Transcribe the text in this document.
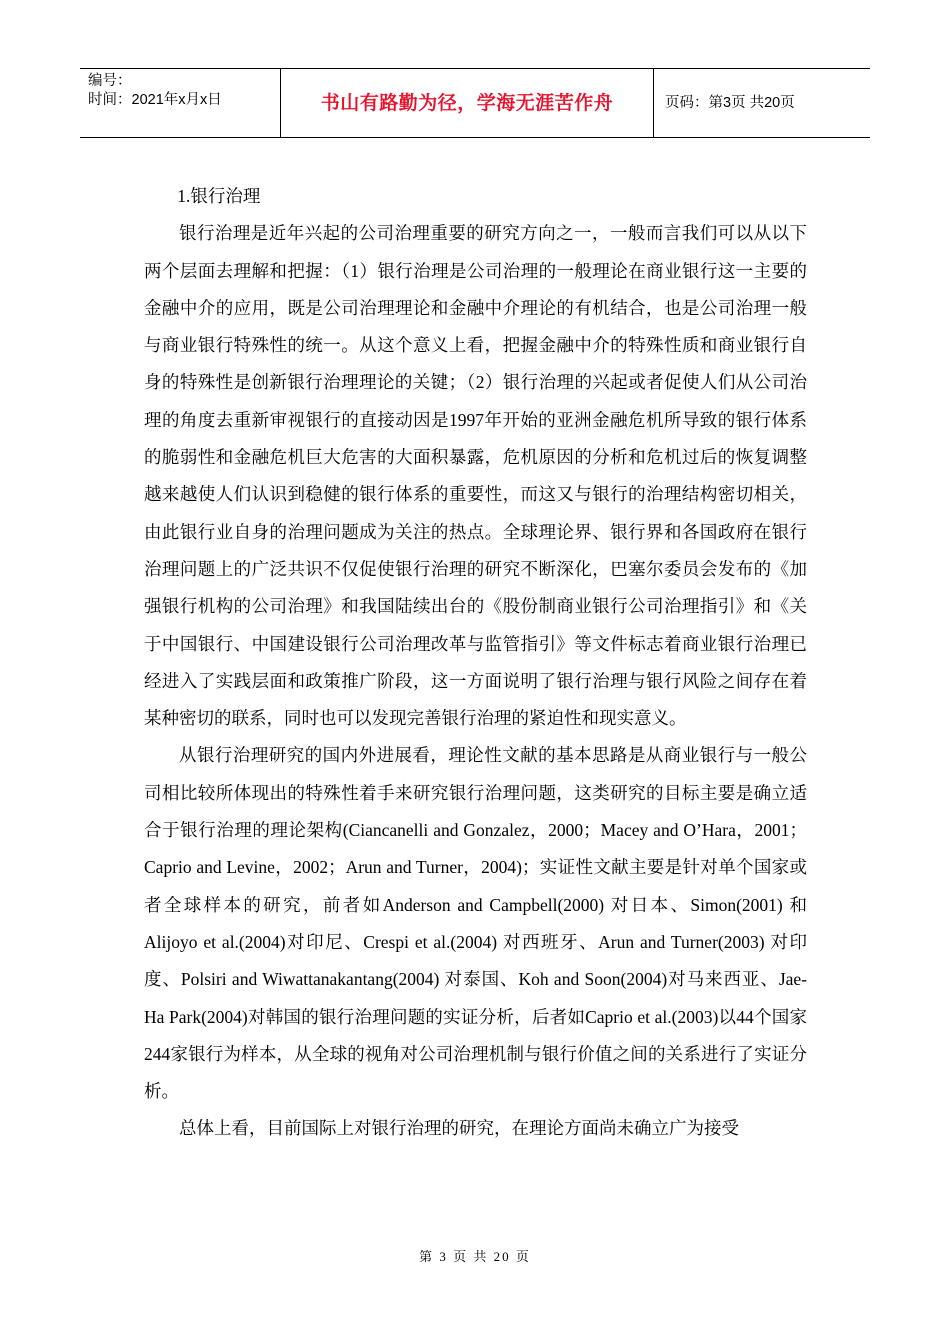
编号：
时间：2021年x月x日	书山有路勤为径，学海无涯苦作舟	页码：第3页 共20页

1.银行治理

银行治理是近年兴起的公司治理重要的研究方向之一，一般而言我们可以从以下两个层面去理解和把握：（1）银行治理是公司治理的一般理论在商业银行这一主要的金融中介的应用，既是公司治理理论和金融中介理论的有机结合，也是公司治理一般与商业银行特殊性的统一。从这个意义上看，把握金融中介的特殊性质和商业银行自身的特殊性是创新银行治理理论的关键；（2）银行治理的兴起或者促使人们从公司治理的角度去重新审视银行的直接动因是1997年开始的亚洲金融危机所导致的银行体系的脆弱性和金融危机巨大危害的大面积暴露，危机原因的分析和危机过后的恢复调整越来越使人们认识到稳健的银行体系的重要性，而这又与银行的治理结构密切相关，由此银行业自身的治理问题成为关注的热点。全球理论界、银行界和各国政府在银行治理问题上的广泛共识不仅促使银行治理的研究不断深化，巴塞尔委员会发布的《加强银行机构的公司治理》和我国陆续出台的《股份制商业银行公司治理指引》和《关于中国银行、中国建设银行公司治理改革与监管指引》等文件标志着商业银行治理已经进入了实践层面和政策推广阶段，这一方面说明了银行治理与银行风险之间存在着某种密切的联系，同时也可以发现完善银行治理的紧迫性和现实意义。

从银行治理研究的国内外进展看，理论性文献的基本思路是从商业银行与一般公司相比较所体现出的特殊性着手来研究银行治理问题，这类研究的目标主要是确立适合于银行治理的理论架构(Ciancanelli and Gonzalez，2000；Macey and O’Hara，2001；Caprio and Levine，2002；Arun and Turner，2004)；实证性文献主要是针对单个国家或者全球样本的研究，前者如Anderson and Campbell(2000) 对日本、Simon(2001) 和Alijoyo et al.(2004)对印尼、Crespi et al.(2004) 对西班牙、Arun and Turner(2003) 对印度、Polsiri and Wiwattanakantang(2004) 对泰国、Koh and Soon(2004)对马来西亚、Jae-Ha Park(2004)对韩国的银行治理问题的实证分析，后者如Caprio et al.(2003)以44个国家244家银行为样本，从全球的视角对公司治理机制与银行价值之间的关系进行了实证分析。

总体上看，目前国际上对银行治理的研究，在理论方面尚未确立广为接受

第 3 页 共 20 页
